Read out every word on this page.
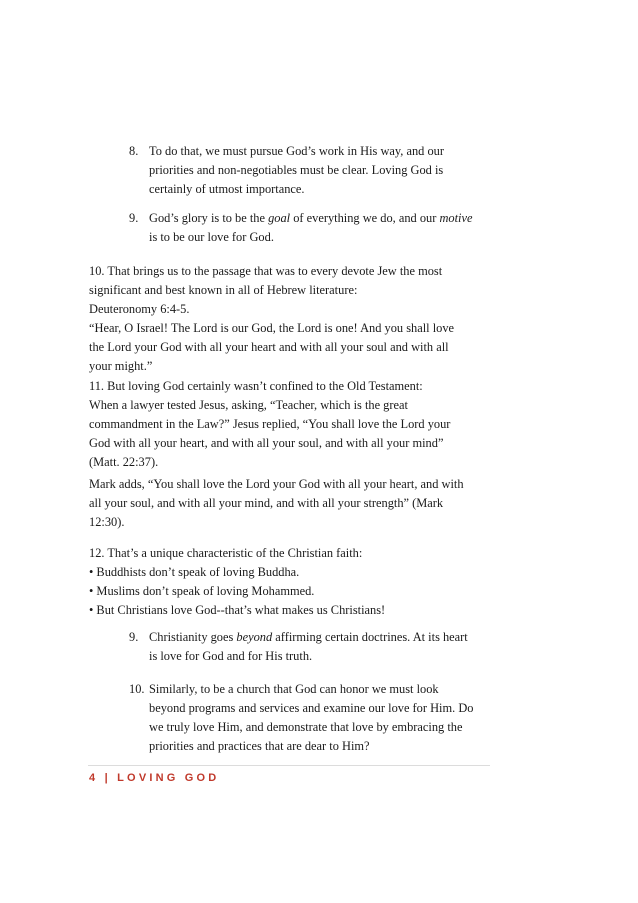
8. To do that, we must pursue God’s work in His way, and our
priorities and non-negotiables must be clear. Loving God is
certainly of utmost importance.
9. God’s glory is to be the goal of everything we do, and our motive
is to be our love for God.
10. That brings us to the passage that was to every devote Jew the most
significant and best known in all of Hebrew literature:
Deuteronomy 6:4-5.
“Hear, O Israel! The Lord is our God, the Lord is one! And you shall love
the Lord your God with all your heart and with all your soul and with all
your might.”
11. But loving God certainly wasn’t confined to the Old Testament:
When a lawyer tested Jesus, asking, “Teacher, which is the great
commandment in the Law?” Jesus replied, “You shall love the Lord your
God with all your heart, and with all your soul, and with all your mind”
(Matt. 22:37).
Mark adds, “You shall love the Lord your God with all your heart, and with
all your soul, and with all your mind, and with all your strength” (Mark
12:30).
12. That’s a unique characteristic of the Christian faith:
• Buddhists don’t speak of loving Buddha.
• Muslims don’t speak of loving Mohammed.
• But Christians love God--that’s what makes us Christians!
9. Christianity goes beyond affirming certain doctrines. At its heart
is love for God and for His truth.
10. Similarly, to be a church that God can honor we must look
beyond programs and services and examine our love for Him. Do
we truly love Him, and demonstrate that love by embracing the
priorities and practices that are dear to Him?
4 | LOVING GOD
